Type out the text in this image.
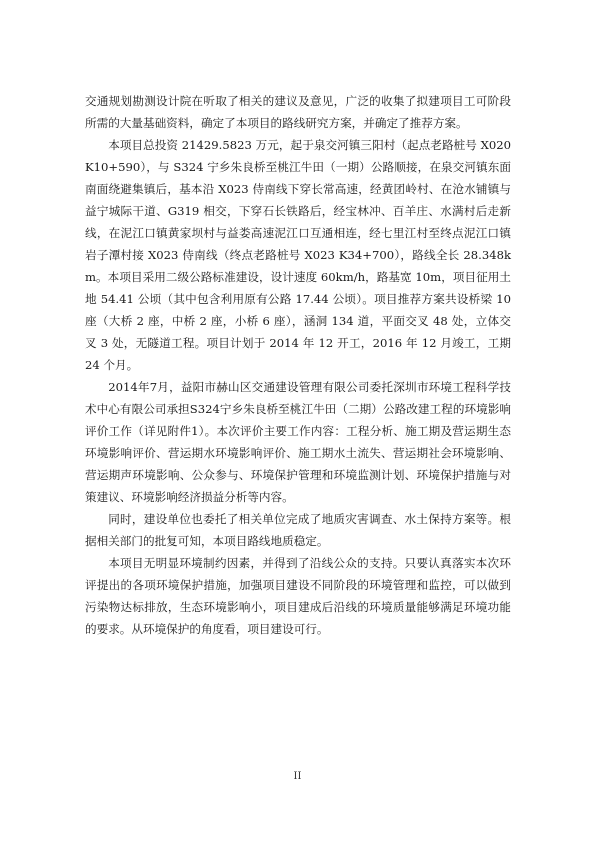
交通规划勘测设计院在听取了相关的建议及意见，广泛的收集了拟建项目工可阶段所需的大量基础资料，确定了本项目的路线研究方案，并确定了推荐方案。

本项目总投资 21429.5823 万元，起于泉交河镇三阳村（起点老路桩号 X020 K10+590），与 S324 宁乡朱良桥至桃江牛田（一期）公路顺接，在泉交河镇东面南面绕避集镇后，基本沿 X023 侍南线下穿长常高速，经黄团岭村、在沧水铺镇与益宁城际干道、G319 相交，下穿石长铁路后，经宝林冲、百羊庄、水满村后走新线，在泥江口镇黄家坝村与益娄高速泥江口互通相连，经七里江村至终点泥江口镇岩子潭村接 X023 侍南线（终点老路桩号 X023 K34+700），路线全长 28.348km。本项目采用二级公路标准建设，设计速度 60km/h，路基宽 10m，项目征用土地 54.41 公顷（其中包含利用原有公路 17.44 公顷）。项目推荐方案共设桥梁 10 座（大桥 2 座，中桥 2 座，小桥 6 座），涵洞 134 道，平面交叉 48 处，立体交叉 3 处，无隧道工程。项目计划于 2014 年 12 开工，2016 年 12 月竣工，工期 24 个月。

2014年7月，益阳市赫山区交通建设管理有限公司委托深圳市环境工程科学技术中心有限公司承担S324宁乡朱良桥至桃江牛田（二期）公路改建工程的环境影响评价工作（详见附件1）。本次评价主要工作内容：工程分析、施工期及营运期生态环境影响评价、营运期水环境影响评价、施工期水土流失、营运期社会环境影响、营运期声环境影响、公众参与、环境保护管理和环境监测计划、环境保护措施与对策建议、环境影响经济损益分析等内容。

同时，建设单位也委托了相关单位完成了地质灾害调查、水土保持方案等。根据相关部门的批复可知，本项目路线地质稳定。

本项目无明显环境制约因素，并得到了沿线公众的支持。只要认真落实本次环评提出的各项环境保护措施，加强项目建设不同阶段的环境管理和监控，可以做到污染物达标排放，生态环境影响小，项目建成后沿线的环境质量能够满足环境功能的要求。从环境保护的角度看，项目建设可行。

II
